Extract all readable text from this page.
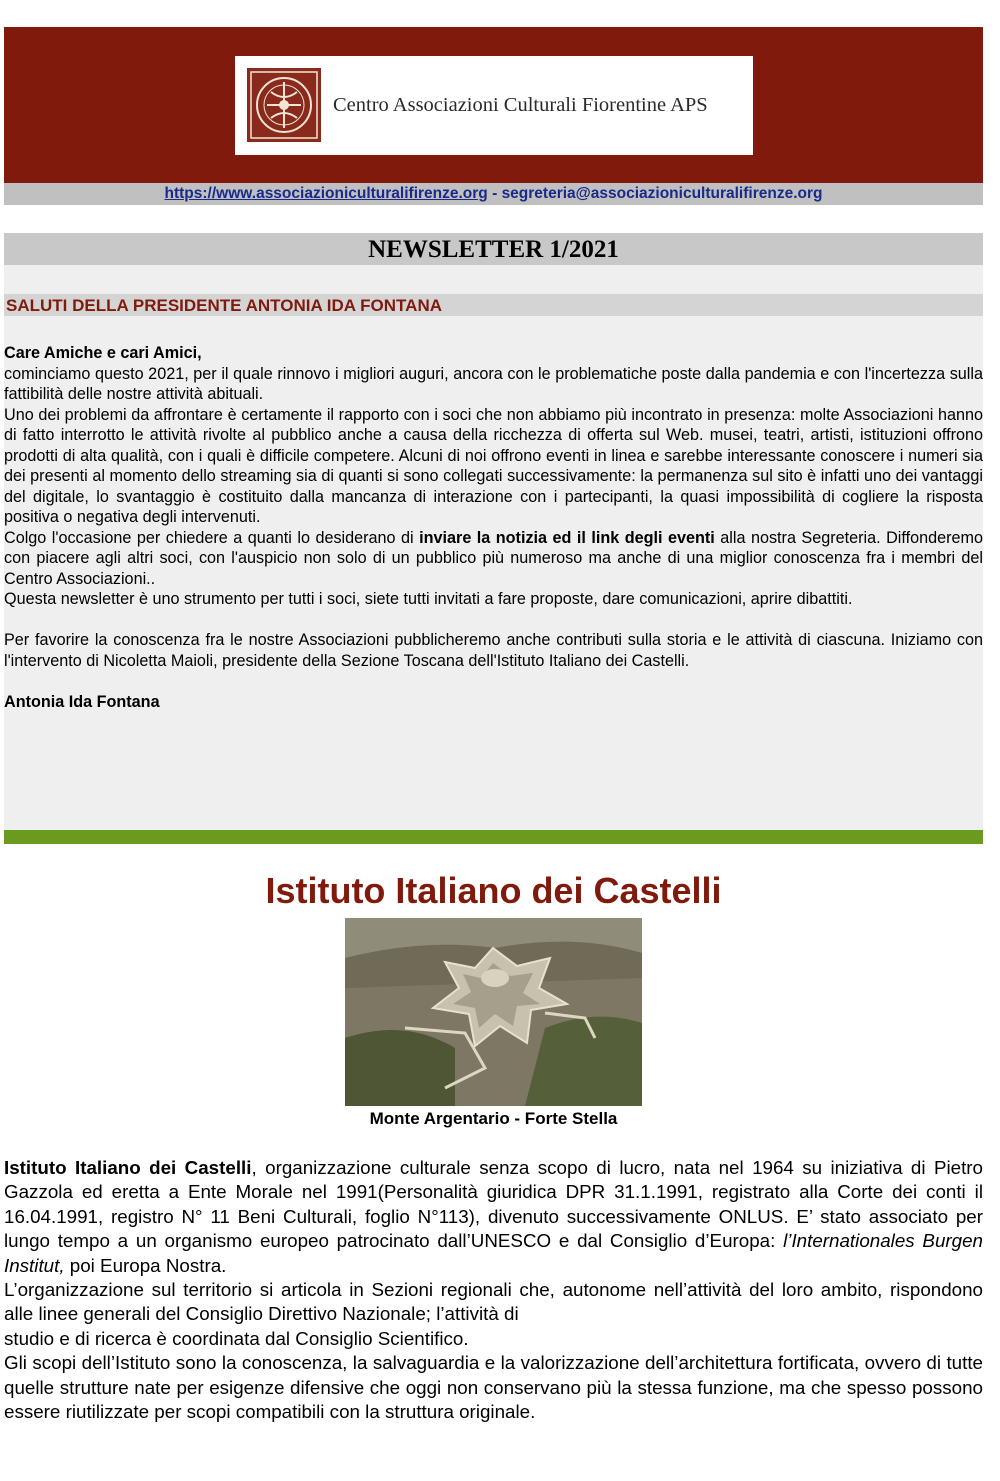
Centro Associazioni Culturali Fiorentine APS
https://www.associazioniculturalifirenze.org - segreteria@associazioniculturalifirenze.org
NEWSLETTER 1/2021
SALUTI DELLA PRESIDENTE ANTONIA IDA FONTANA

Care Amiche e cari Amici,

cominciamo questo 2021, per il quale rinnovo i migliori auguri, ancora con le problematiche poste dalla pandemia e con l'incertezza sulla fattibilità delle nostre attività abituali.

Uno dei problemi da affrontare è certamente il rapporto con i soci che non abbiamo più incontrato in presenza: molte Associazioni hanno di fatto interrotto le attività rivolte al pubblico anche a causa della ricchezza di offerta sul Web. musei, teatri, artisti, istituzioni offrono prodotti di alta qualità, con i quali è difficile competere. Alcuni di noi offrono eventi in linea e sarebbe interessante conoscere i numeri sia dei presenti al momento dello streaming sia di quanti si sono collegati successivamente: la permanenza sul sito è infatti uno dei vantaggi del digitale, lo svantaggio è costituito dalla mancanza di interazione con i partecipanti, la quasi impossibilità di cogliere la risposta positiva o negativa degli intervenuti.

Colgo l'occasione per chiedere a quanti lo desiderano di inviare la notizia ed il link degli eventi alla nostra Segreteria. Diffonderemo con piacere agli altri soci, con l'auspicio non solo di un pubblico più numeroso ma anche di una miglior conoscenza fra i membri del Centro Associazioni..

Questa newsletter è uno strumento per tutti i soci, siete tutti invitati a fare proposte, dare comunicazioni, aprire dibattiti.

Per favorire la conoscenza fra le nostre Associazioni pubblicheremo anche contributi sulla storia e le attività di ciascuna. Iniziamo con l'intervento di Nicoletta Maioli, presidente della Sezione Toscana dell'Istituto Italiano dei Castelli.

Antonia Ida Fontana

Istituto Italiano dei Castelli
Monte Argentario - Forte Stella

Istituto Italiano dei Castelli, organizzazione culturale senza scopo di lucro, nata nel 1964 su iniziativa di Pietro Gazzola ed eretta a Ente Morale nel 1991(Personalità giuridica DPR 31.1.1991, registrato alla Corte dei conti il 16.04.1991, registro N° 11 Beni Culturali, foglio N°113), divenuto successivamente ONLUS. E’ stato associato per lungo tempo a un organismo europeo patrocinato dall’UNESCO e dal Consiglio d’Europa: l’Internationales Burgen Institut, poi Europa Nostra.

L’organizzazione sul territorio si articola in Sezioni regionali che, autonome nell’attività del loro ambito, rispondono alle linee generali del Consiglio Direttivo Nazionale; l’attività di
studio e di ricerca è coordinata dal Consiglio Scientifico.

Gli scopi dell’Istituto sono la conoscenza, la salvaguardia e la valorizzazione dell’architettura fortificata, ovvero di tutte quelle strutture nate per esigenze difensive che oggi non conservano più la stessa funzione, ma che spesso possono essere riutilizzate per scopi compatibili con la struttura originale.
